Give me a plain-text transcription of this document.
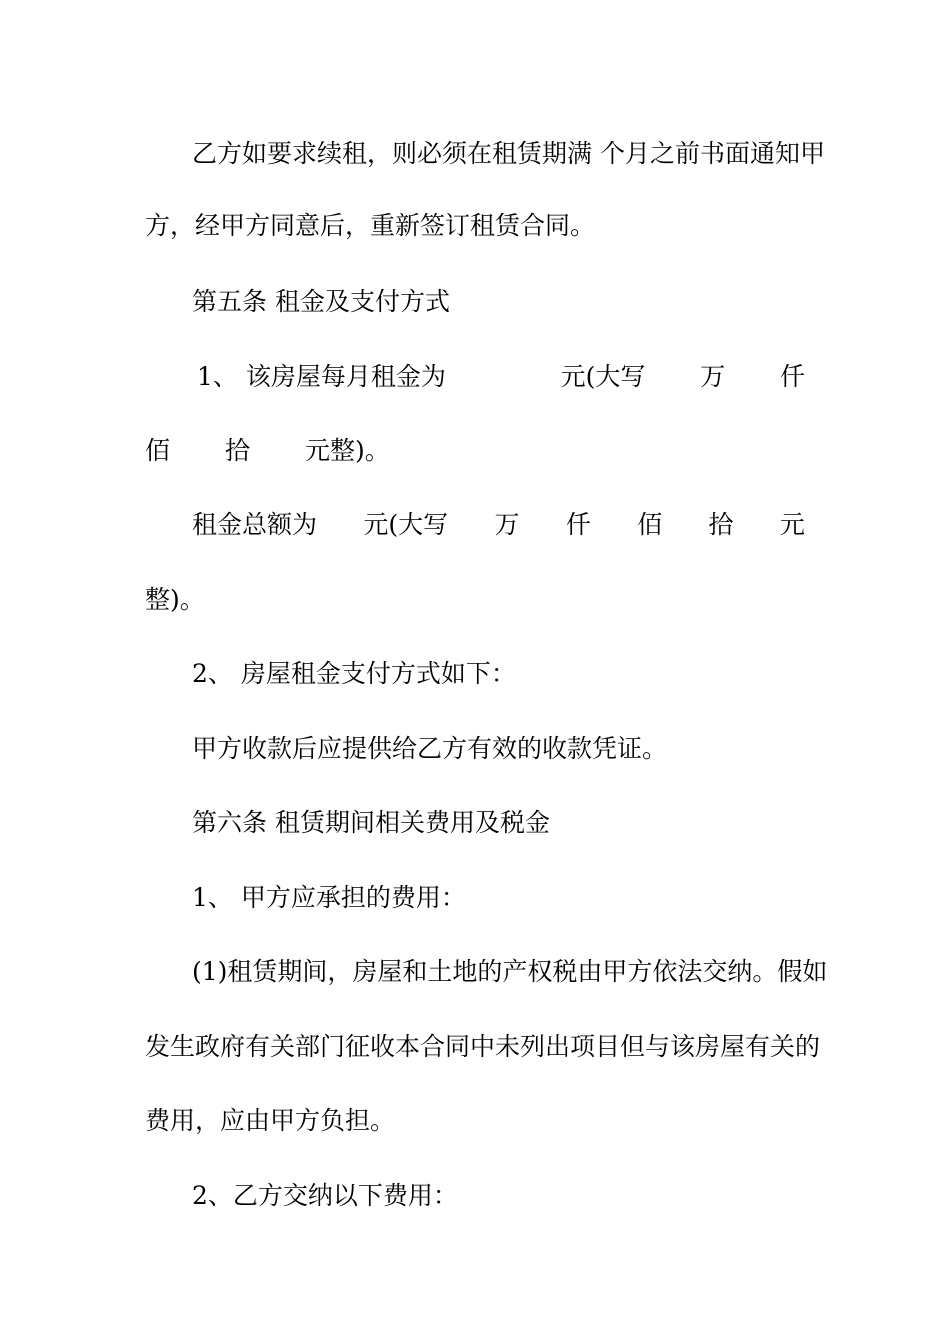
乙方如要求续租，则必须在租赁期满 个月之前书面通知甲
方，经甲方同意后，重新签订租赁合同。
第五条 租金及支付方式
1、 该房屋每月租金为	元(大写 万 仟
佰 拾 元整)。
租金总额为 元(大写 万 仟 佰 拾 元
整)。
2、 房屋租金支付方式如下：
甲方收款后应提供给乙方有效的收款凭证。
第六条 租赁期间相关费用及税金
1、 甲方应承担的费用：
(1)租赁期间，房屋和土地的产权税由甲方依法交纳。假如
发生政府有关部门征收本合同中未列出项目但与该房屋有关的
费用，应由甲方负担。
2、乙方交纳以下费用：
